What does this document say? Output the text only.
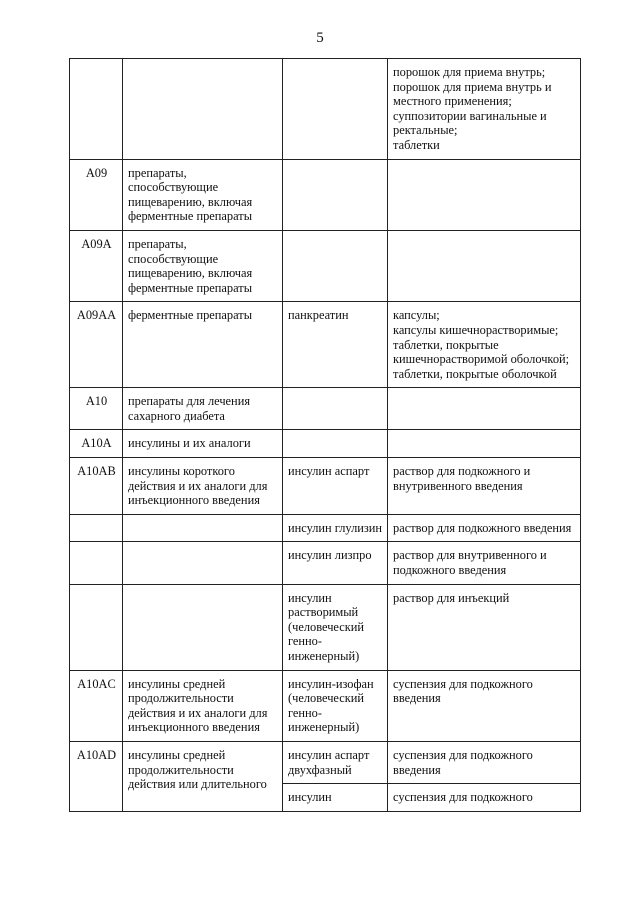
5
			порошок для приема внутрь;
порошок для приема внутрь и местного применения;
суппозитории вагинальные и ректальные;
таблетки
A09	препараты, способствующие пищеварению, включая ферментные препараты		
A09A	препараты, способствующие пищеварению, включая ферментные препараты		
A09AA	ферментные препараты	панкреатин	капсулы;
капсулы кишечнорастворимые;
таблетки, покрытые кишечнорастворимой оболочкой;
таблетки, покрытые оболочкой
A10	препараты для лечения сахарного диабета		
A10A	инсулины и их аналоги		
A10AB	инсулины короткого действия и их аналоги для инъекционного введения	инсулин аспарт	раствор для подкожного и внутривенного введения
		инсулин глулизин	раствор для подкожного введения
		инсулин лизпро	раствор для внутривенного и подкожного введения
		инсулин растворимый (человеческий генно-инженерный)	раствор для инъекций
A10AC	инсулины средней продолжительности действия и их аналоги для инъекционного введения	инсулин-изофан (человеческий генно-инженерный)	суспензия для подкожного введения
A10AD	инсулины средней продолжительности действия или длительного	инсулин аспарт двухфазный	суспензия для подкожного введения
		инсулин	суспензия для подкожного
